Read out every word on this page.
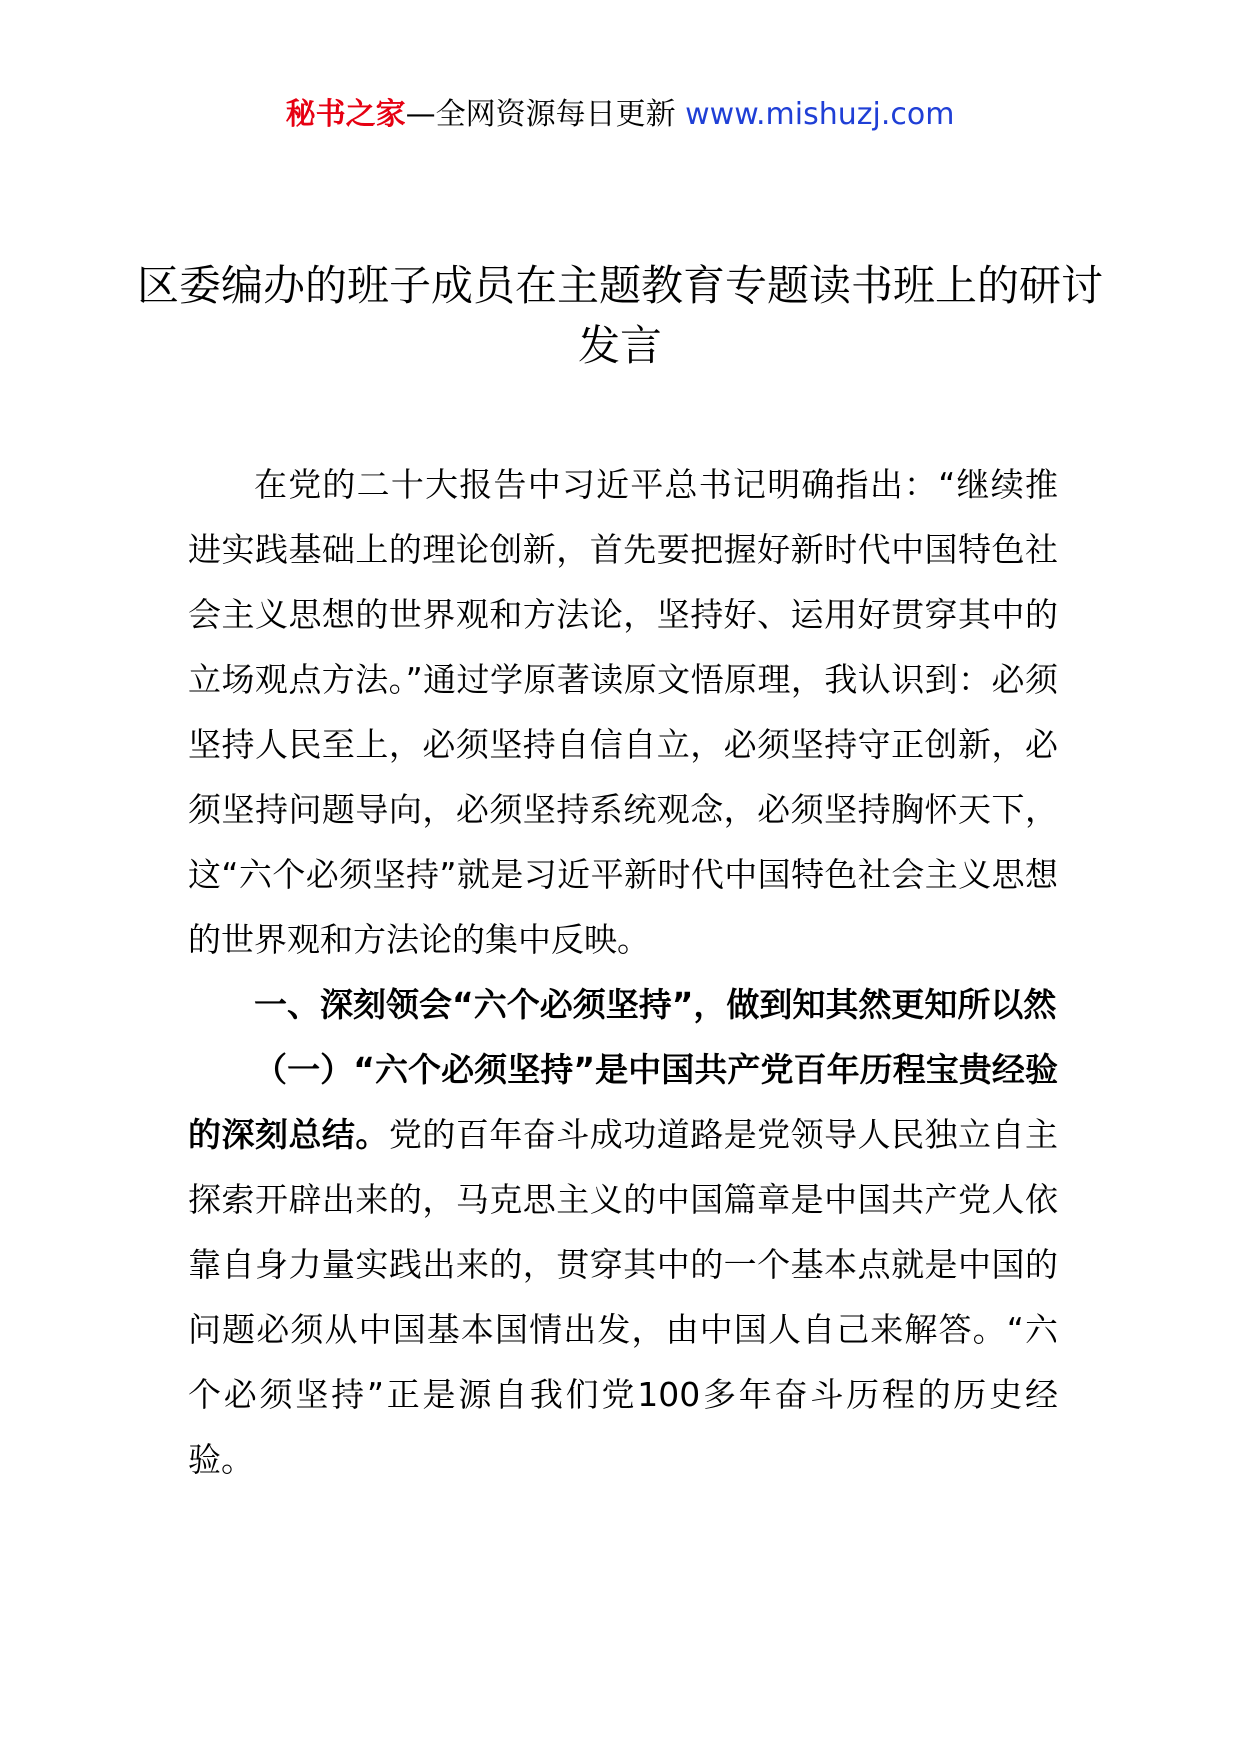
秘书之家—全网资源每日更新 www.mishuzj.com
区委编办的班子成员在主题教育专题读书班上的研讨发言

在党的二十大报告中习近平总书记明确指出：“继续推进实践基础上的理论创新，首先要把握好新时代中国特色社会主义思想的世界观和方法论，坚持好、运用好贯穿其中的立场观点方法。”通过学原著读原文悟原理，我认识到：必须坚持人民至上，必须坚持自信自立，必须坚持守正创新，必须坚持问题导向，必须坚持系统观念，必须坚持胸怀天下，这“六个必须坚持”就是习近平新时代中国特色社会主义思想的世界观和方法论的集中反映。

一、深刻领会“六个必须坚持”，做到知其然更知所以然

（一）“六个必须坚持”是中国共产党百年历程宝贵经验的深刻总结。党的百年奋斗成功道路是党领导人民独立自主探索开辟出来的，马克思主义的中国篇章是中国共产党人依靠自身力量实践出来的，贯穿其中的一个基本点就是中国的问题必须从中国基本国情出发，由中国人自己来解答。“六个必须坚持”正是源自我们党100多年奋斗历程的历史经验。
